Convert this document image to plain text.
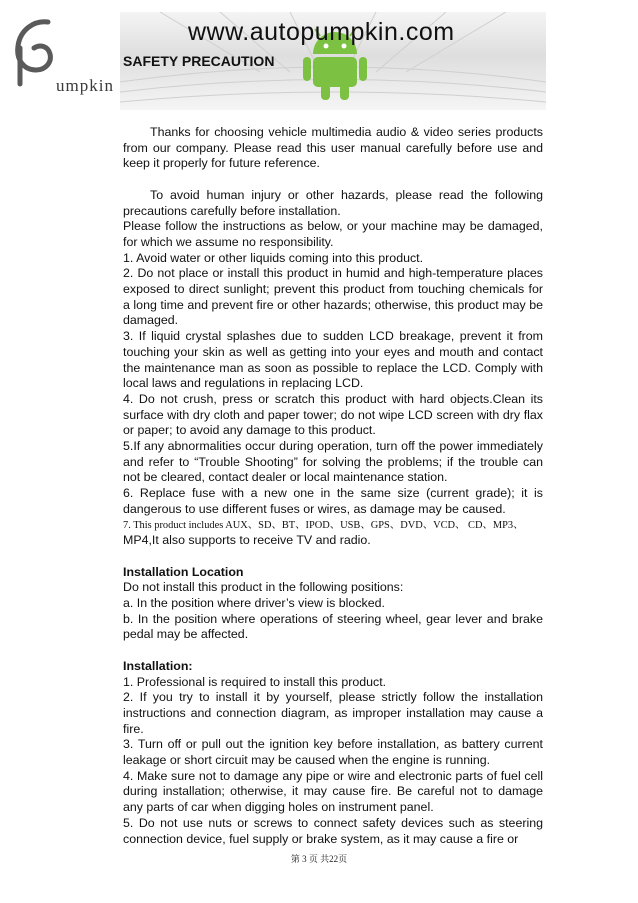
umpkin
www.autopumpkin.com
SAFETY PRECAUTION

Thanks for choosing vehicle multimedia audio & video series products from our company. Please read this user manual carefully before use and keep it properly for future reference.

To avoid human injury or other hazards, please read the following precautions carefully before installation.

Please follow the instructions as below, or your machine may be damaged, for which we assume no responsibility.

1. Avoid water or other liquids coming into this product.

2. Do not place or install this product in humid and high-temperature places exposed to direct sunlight; prevent this product from touching chemicals for a long time and prevent fire or other hazards; otherwise, this product may be damaged.

3. If liquid crystal splashes due to sudden LCD breakage, prevent it from touching your skin as well as getting into your eyes and mouth and contact the maintenance man as soon as possible to replace the LCD. Comply with local laws and regulations in replacing LCD.

4. Do not crush, press or scratch this product with hard objects.Clean its surface with dry cloth and paper tower; do not wipe LCD screen with dry flax or paper; to avoid any damage to this product.

5.If any abnormalities occur during operation, turn off the power immediately and refer to “Trouble Shooting” for solving the problems; if the trouble can not be cleared, contact dealer or local maintenance station.

6. Replace fuse with a new one in the same size (current grade); it is dangerous to use different fuses or wires, as damage may be caused.

7. This product includes AUX、SD、BT、IPOD、USB、GPS、DVD、VCD、 CD、MP3、

MP4,It also supports to receive TV and radio.

Installation Location

Do not install this product in the following positions:

a. In the position where driver’s view is blocked.

b. In the position where operations of steering wheel, gear lever and brake pedal may be affected.

Installation:

1. Professional is required to install this product.

2. If you try to install it by yourself, please strictly follow the installation instructions and connection diagram, as improper installation may cause a fire.

3. Turn off or pull out the ignition key before installation, as battery current leakage or short circuit may be caused when the engine is running.

4. Make sure not to damage any pipe or wire and electronic parts of fuel cell during installation; otherwise, it may cause fire. Be careful not to damage any parts of car when digging holes on instrument panel.

5. Do not use nuts or screws to connect safety devices such as steering connection device, fuel supply or brake system, as it may cause a fire or

第 3 页 共22页
